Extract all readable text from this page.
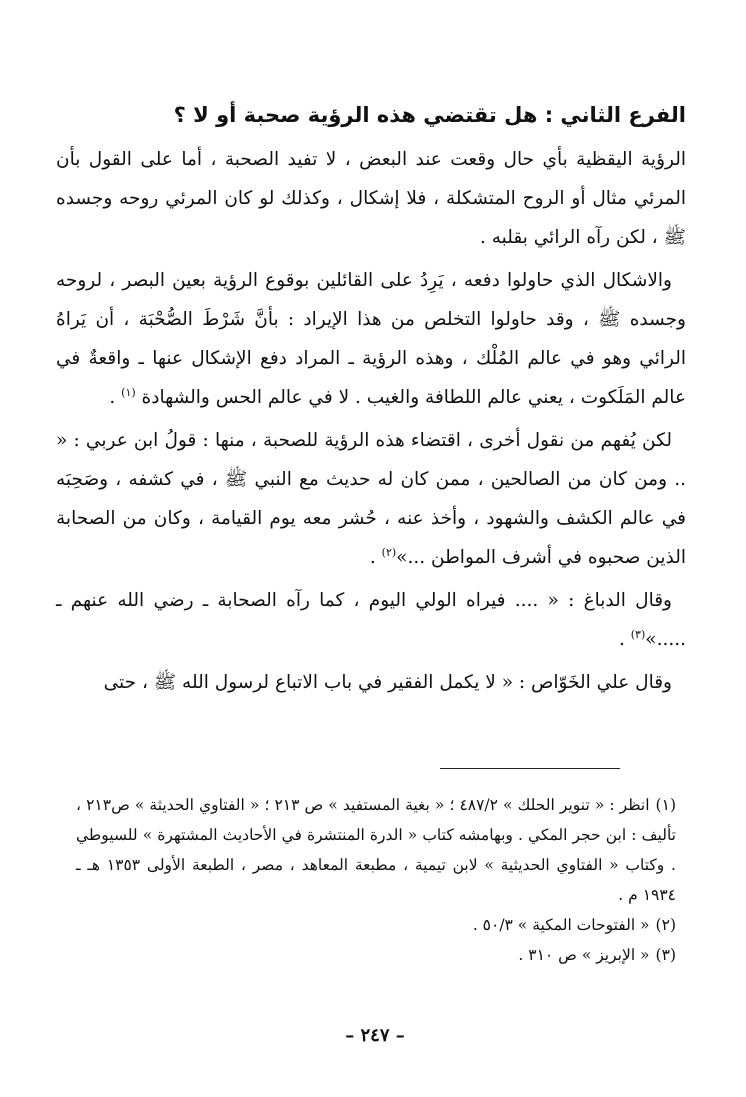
الفرع الثاني : هل تقتضي هذه الرؤية صحبة أو لا ؟

الرؤية اليقظية بأي حال وقعت عند البعض ، لا تفيد الصحبة ، أما على القول بأن المرئي مثال أو الروح المتشكلة ، فلا إشكال ، وكذلك لو كان المرئي روحه وجسده ﷺ ، لكن رآه الرائي بقلبه .

والاشكال الذي حاولوا دفعه ، يَرِدُ على القائلين بوقوع الرؤية بعين البصر ، لروحه وجسده ﷺ ، وقد حاولوا التخلص من هذا الإيراد : بأنَّ شَرْطَ الصُّحْبَة ، أن يَراهُ الرائي وهو في عالم المُلْك ، وهذه الرؤية ـ المراد دفع الإشكال عنها ـ واقعةٌ في عالم المَلَكوت ، يعني عالم اللطافة والغيب . لا في عالم الحس والشهادة $^{(١)}$ .

لكن يُفهم من نقول أخرى ، اقتضاء هذه الرؤية للصحبة ، منها : قولُ ابن عربي : « .. ومن كان من الصالحين ، ممن كان له حديث مع النبي ﷺ ، في كشفه ، وصَحِبَه في عالم الكشف والشهود ، وأخذ عنه ، حُشر معه يوم القيامة ، وكان من الصحابة الذين صحبوه في أشرف المواطن ...»$^{(٢)}$ .

وقال الدباغ : « .... فيراه الولي اليوم ، كما رآه الصحابة ـ رضي الله عنهم ـ .....»$^{(٣)}$ .

وقال علي الخَوّاص : « لا يكمل الفقير في باب الاتباع لرسول الله ﷺ ، حتى

(١)انظر : « تنوير الحلك » ٤٨٧/٢ ؛ « بغية المستفيد » ص ٢١٣ ؛ « الفتاوي الحديثة » ص٢١٣ ، تأليف : ابن حجر المكي . وبهامشه كتاب « الدرة المنتشرة في الأحاديث المشتهرة » للسيوطي . وكتاب « الفتاوي الحديثية » لابن تيمية ، مطبعة المعاهد ، مصر ، الطبعة الأولى ١٣٥٣ هـ ـ ١٩٣٤ م .

(٢)« الفتوحات المكية » ٥٠/٣ .

(٣)« الإبريز » ص ٣١٠ .

– ٢٤٧ –
